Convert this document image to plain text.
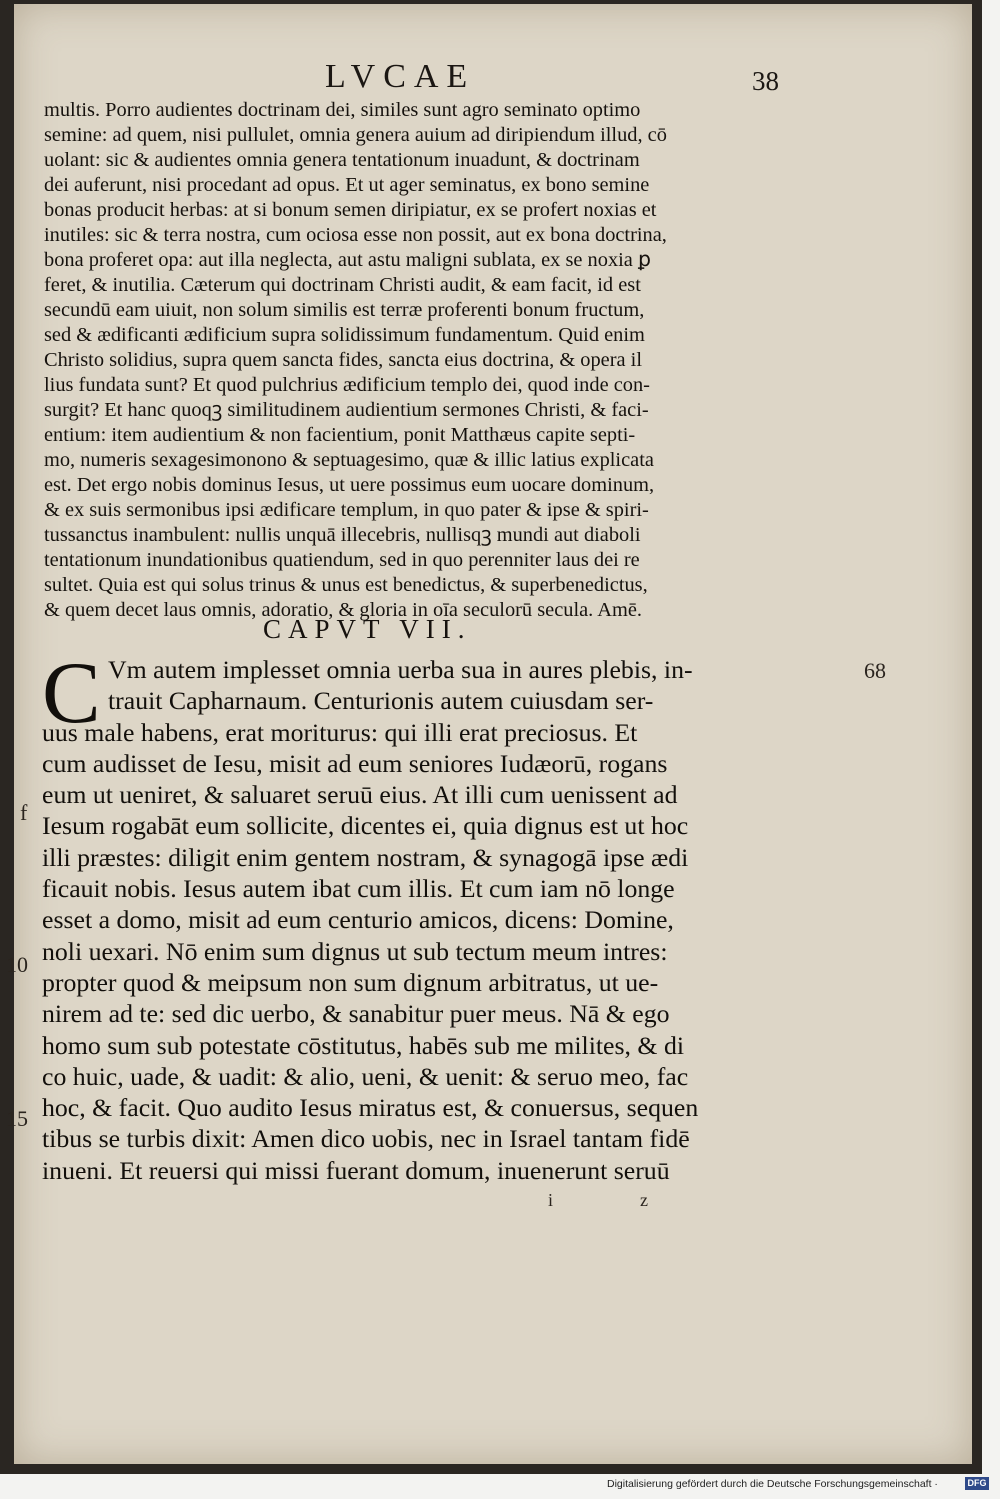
LVCAE	38
multis. Porro audientes doctrinam dei, similes sunt agro seminato optimo
semine: ad quem, nisi pullulet, omnia genera auium ad diripiendum illud, cō
uolant: sic & audientes omnia genera tentationum inuadunt, & doctrinam
dei auferunt, nisi procedant ad opus. Et ut ager seminatus, ex bono semine
bonas producit herbas: at si bonum semen diripiatur, ex se profert noxias et
inutiles: sic & terra nostra, cum ociosa esse non possit, aut ex bona doctrina,
bona proferet opa: aut illa neglecta, aut astu maligni sublata, ex se noxia ꝑ
feret, & inutilia. Cæterum qui doctrinam Christi audit, & eam facit, id est
secundū eam uiuit, non solum similis est terræ proferenti bonum fructum,
sed & ædificanti ædificium supra solidissimum fundamentum. Quid enim
Christo solidius, supra quem sancta fides, sancta eius doctrina, & opera il
lius fundata sunt? Et quod pulchrius ædificium templo dei, quod inde con-
surgit? Et hanc quoqꝫ similitudinem audientium sermones Christi, & faci-
entium: item audientium & non facientium, ponit Matthæus capite septi-
mo, numeris sexagesimonono & septuagesimo, quæ & illic latius explicata
est. Det ergo nobis dominus Iesus, ut uere possimus eum uocare dominum,
& ex suis sermonibus ipsi ædificare templum, in quo pater & ipse & spiri-
tussanctus inambulent: nullis unquā illecebris, nullisqꝫ mundi aut diaboli
tentationum inundationibus quatiendum, sed in quo perenniter laus dei re
sultet. Quia est qui solus trinus & unus est benedictus, & superbenedictus,
& quem decet laus omnis, adoratio, & gloria in oīa seculorū secula. Amē.
CAPVT VII.
C Vm autem implesset omnia uerba sua in aures plebis, in-
trauit Capharnaum. Centurionis autem cuiusdam ser-
uus male habens, erat moriturus: qui illi erat preciosus. Et
cum audisset de Iesu, misit ad eum seniores Iudæorū, rogans
eum ut ueniret, & saluaret seruū eius. At illi cum uenissent ad
Iesum rogabāt eum sollicite, dicentes ei, quia dignus est ut hoc
illi præstes: diligit enim gentem nostram, & synagogā ipse ædi
ficauit nobis. Iesus autem ibat cum illis. Et cum iam nō longe
esset a domo, misit ad eum centurio amicos, dicens: Domine,
noli uexari. Nō enim sum dignus ut sub tectum meum intres:
propter quod & meipsum non sum dignum arbitratus, ut ue-
nirem ad te: sed dic uerbo, & sanabitur puer meus. Nā & ego
homo sum sub potestate cōstitutus, habēs sub me milites, & di
co huic, uade, & uadit: & alio, ueni, & uenit: & seruo meo, fac
hoc, & facit. Quo audito Iesus miratus est, & conuersus, sequen
tibus se turbis dixit: Amen dico uobis, nec in Israel tantam fidē
inueni. Et reuersi qui missi fuerant domum, inuenerunt seruū
68
f
10
15
i	z
Digitalisierung gefördert durch die Deutsche Forschungsgemeinschaft ·	DFG
